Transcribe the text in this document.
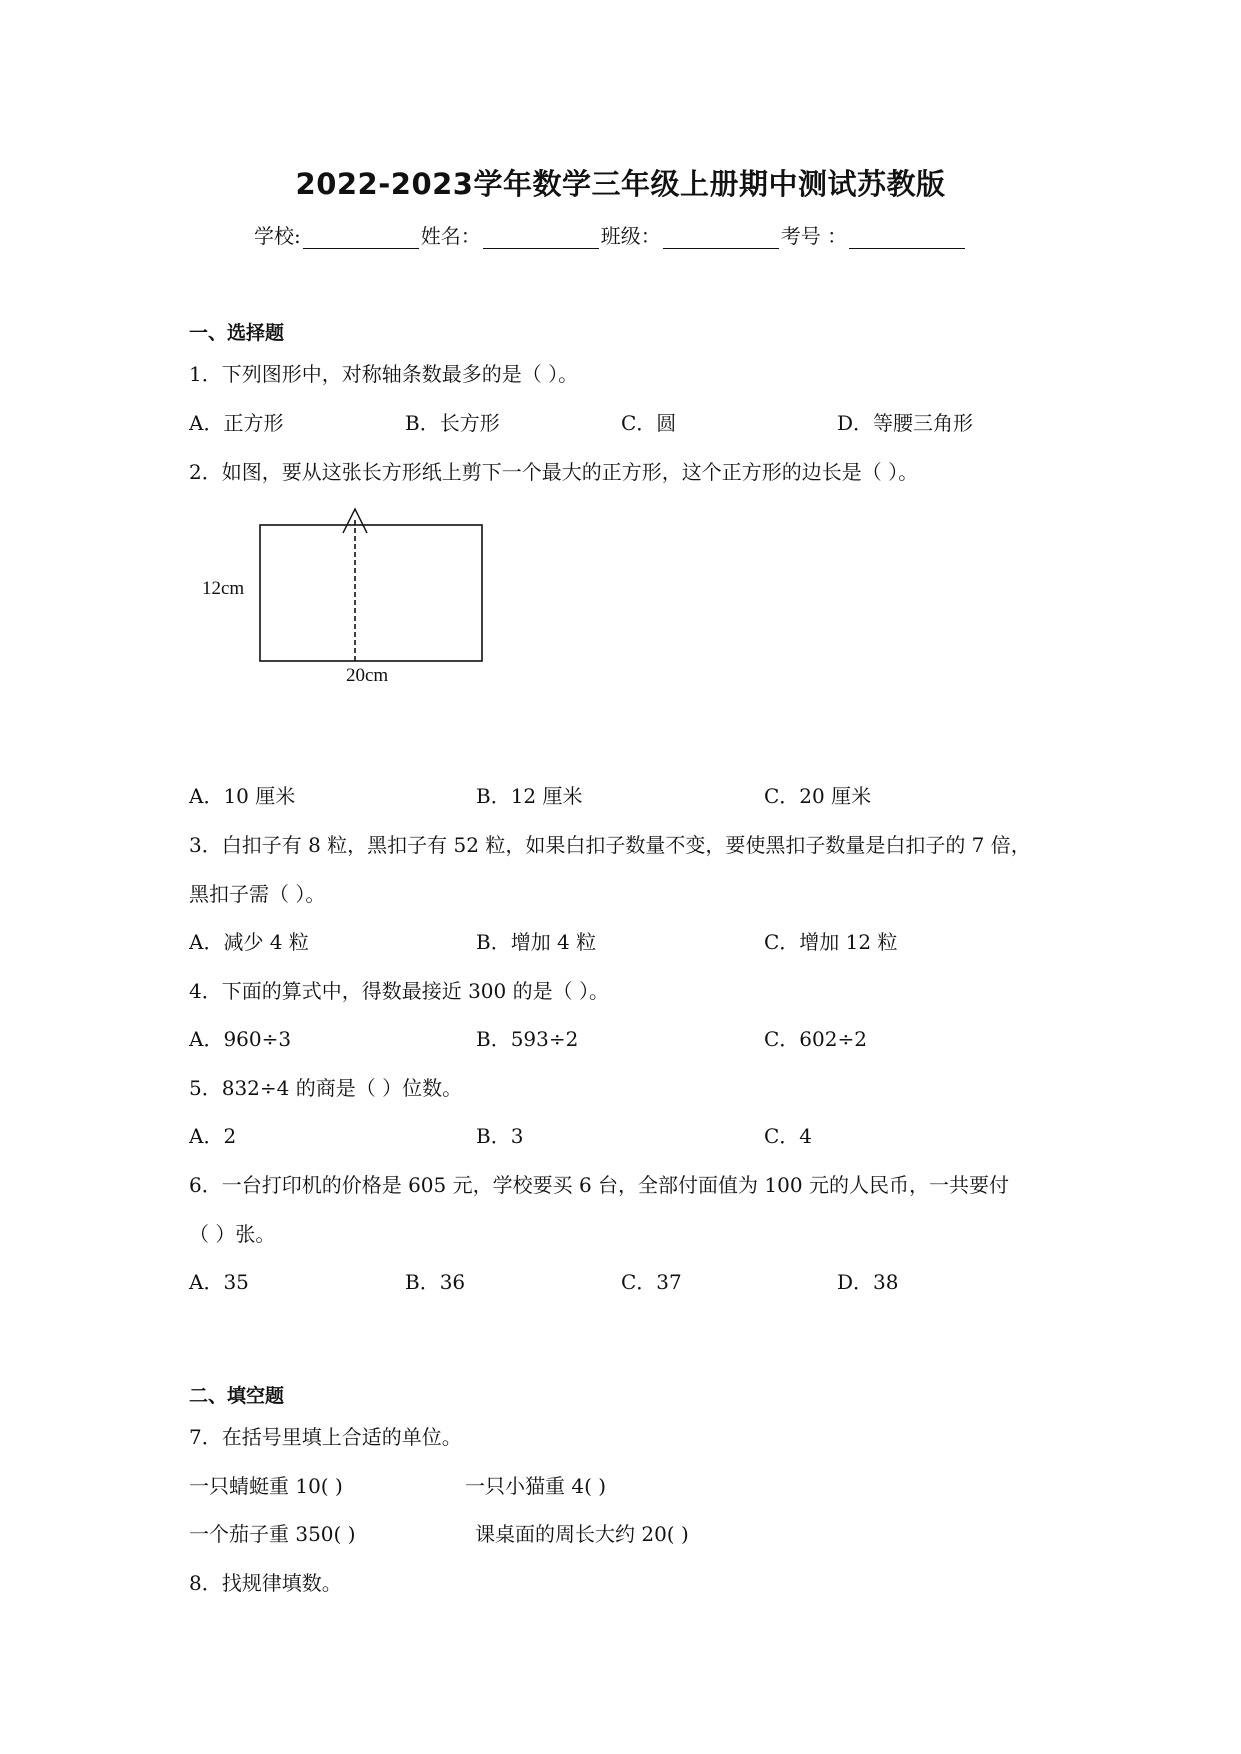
2022-2023学年数学三年级上册期中测试苏教版
学校:	姓名：	班级：	考号 ：
一、选择题
1．下列图形中，对称轴条数最多的是（ ）。
A．正方形	B．长方形	C．圆	D．等腰三角形
2．如图，要从这张长方形纸上剪下一个最大的正方形，这个正方形的边长是（ ）。
12cm
20cm
A．10 厘米	B．12 厘米	C．20 厘米
3．白扣子有 8 粒，黑扣子有 52 粒，如果白扣子数量不变，要使黑扣子数量是白扣子的 7 倍，
黑扣子需（ ）。
A．减少 4 粒	B．增加 4 粒	C．增加 12 粒
4．下面的算式中，得数最接近 300 的是（ ）。
A．960÷3	B．593÷2	C．602÷2
5．832÷4 的商是（ ）位数。
A．2	B．3	C．4
6．一台打印机的价格是 605 元，学校要买 6 台，全部付面值为 100 元的人民币，一共要付
（ ）张。
A．35	B．36	C．37	D．38
二、填空题
7．在括号里填上合适的单位。
一只蜻蜓重 10( )	一只小猫重 4( )
一个茄子重 350( )	课桌面的周长大约 20( )
8．找规律填数。
